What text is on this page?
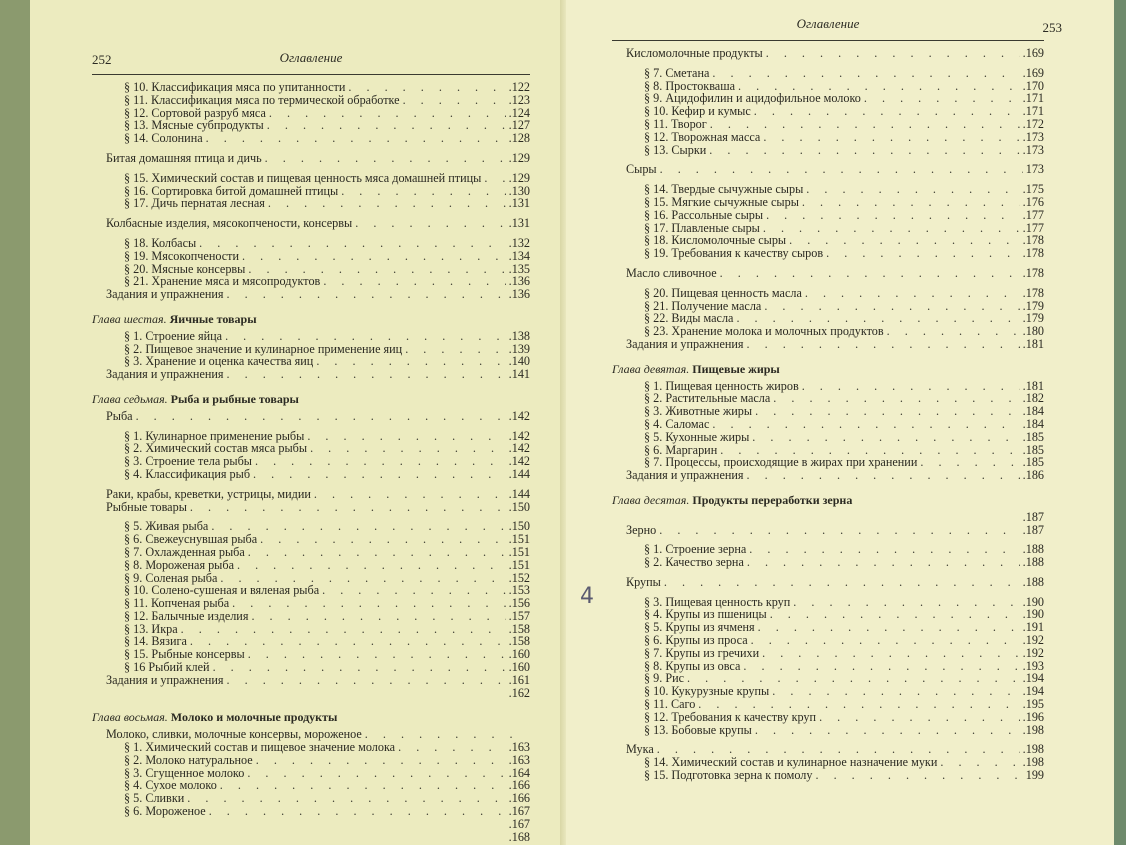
252	Оглавление
§ 10. Классификация мяса по упитанности . . .	.122
§ 11. Классификация мяса по термической обработке . . .	.123
§ 12. Сортовой разруб мяса . . .	.124
§ 13. Мясные субпродукты . . .	.127
§ 14. Солонина . . .	.128
Битая домашняя птица и дичь . . .	.129
§ 15. Химический состав и пищевая ценность мяса домашней птицы . . . .129
§ 16. Сортировка битой домашней птицы . . .	.130
§ 17. Дичь пернатая лесная . . .	.131
Колбасные изделия, мясокопчености, консервы . . .	.131
§ 18. Колбасы . . .	.132
§ 19. Мясокопчености . . .	.134
§ 20. Мясные консервы . . .	.135
§ 21. Хранение мяса и мясопродуктов . . .	.136
Задания и упражнения . . .	.136
Глава шестая. Яичные товары
§ 1. Строение яйца . . .	.138
§ 2. Пищевое значение и кулинарное применение яиц . . .	.139
§ 3. Хранение и оценка качества яиц . . .	.140
Задания и упражнения . . .	.141
Глава седьмая. Рыба и рыбные товары
Рыба . . .	.142
§ 1. Кулинарное применение рыбы . . .	.142
§ 2. Химический состав мяса рыбы . . .	.142
§ 3. Строение тела рыбы . . .	.142
§ 4. Классификация рыб . . .	.144
Раки, крабы, креветки, устрицы, мидии . . .	.144
Рыбные товары . . .	.150
§ 5. Живая рыба . . .	.150
§ 6. Свежеуснувшая рыба . . .	.151
§ 7. Охлажденная рыба . . .	.151
§ 8. Мороженая рыба . . .	.151
§ 9. Соленая рыба . . .	.152
§ 10. Солено-сушеная и вяленая рыба . . .	.153
§ 11. Копченая рыба . . .	.156
§ 12. Балычные изделия . . .	.157
§ 13. Икра . . .	.158
§ 14. Вязига . . .	.158
§ 15. Рыбные консервы . . .	.160
§ 16 Рыбий клей . . .	.160
Задания и упражнения . . .	.161
.162
Глава восьмая. Молоко и молочные продукты
Молоко, сливки, молочные консервы, мороженое
. . .
§ 1. Химический состав и пищевое значение молока . . .	.163
§ 2. Молоко натуральное . . .	.163
§ 3. Сгущенное молоко . . .	.164
§ 4. Сухое молоко . . .	.166
§ 5. Сливки . . .	.166
§ 6. Мороженое . . .	.167
.167
.168
Оглавление	253
Кисломолочные продукты . . .	.169
§ 7. Сметана . . .	.169
§ 8. Простокваша . . .	.170
§ 9. Ацидофилин и ацидофильное молоко . . .	.171
§ 10. Кефир и кумыс . . .	.171
§ 11. Творог . . .	.172
§ 12. Творожная масса . . .	.173
§ 13. Сырки . . .	.173
Сыры . . .	173
§ 14. Твердые сычужные сыры . . .	.175
§ 15. Мягкие сычужные сыры . . .	.176
§ 16. Рассольные сыры . . .	.177
§ 17. Плавленые сыры . . .	.177
§ 18. Кисломолочные сыры . . .	.178
§ 19. Требования к качеству сыров . . .	.178
Масло сливочное . . .	.178
§ 20. Пищевая ценность масла . . .	.178
§ 21. Получение масла . . .	.179
§ 22. Виды масла . . .	.179
§ 23. Хранение молока и молочных продуктов . . .	.180
Задания и упражнения . . .	.181
Глава девятая. Пищевые жиры
§ 1. Пищевая ценность жиров . . .	.181
§ 2. Растительные масла . . .	.182
§ 3. Животные жиры . . .	.184
§ 4. Саломас . . .	.184
§ 5. Кухонные жиры . . .	.185
§ 6. Маргарин . . .	.185
§ 7. Процессы, происходящие в жирах при хранении . . .	.185
Задания и упражнения . . .	.186
Глава десятая. Продукты переработки зерна
.187
Зерно . . .	.187
§ 1. Строение зерна . . .	.188
§ 2. Качество зерна . . .	.188
Крупы . . .	.188
§ 3. Пищевая ценность круп . . .	.190
§ 4. Крупы из пшеницы . . .	.190
§ 5. Крупы из ячменя . . .	.191
§ 6. Крупы из проса . . .	.192
§ 7. Крупы из гречихи . . .	.192
§ 8. Крупы из овса . . .	.193
§ 9. Рис . . .	.194
§ 10. Кукурузные крупы . . .	.194
§ 11. Саго . . .	.195
§ 12. Требования к качеству круп . . .	.196
§ 13. Бобовые крупы . . .	.198
Мука . . .	.198
§ 14. Химический состав и кулинарное назначение муки . . .	.198
§ 15. Подготовка зерна к помолу . . .	199
4
